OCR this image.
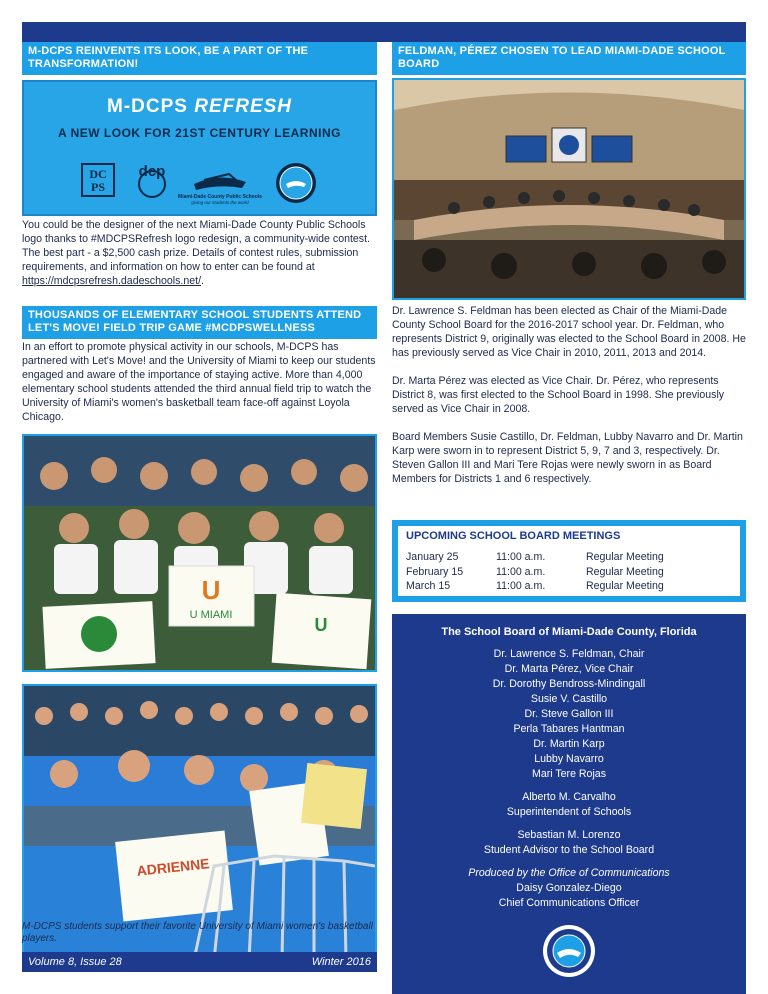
M-DCPS REINVENTS ITS LOOK, BE A PART OF THE TRANSFORMATION!
M-DCPS REFRESH
A NEW LOOK FOR 21ST CENTURY LEARNING
DC
PS
dcp
Miami-Dade County Public Schools
giving our students the world
You could be the designer of the next Miami-Dade County Public Schools logo thanks to #MDCPSRefresh logo redesign, a community-wide contest. The best part - a $2,500 cash prize. Details of contest rules, submission requirements, and information on how to enter can be found at https://mdcpsrefresh.dadeschools.net/.
THOUSANDS OF ELEMENTARY SCHOOL STUDENTS ATTEND LET'S MOVE! FIELD TRIP GAME #MCDPSWELLNESS
In an effort to promote physical activity in our schools, M-DCPS has partnered with Let's Move! and the University of Miami to keep our students engaged and aware of the importance of staying active. More than 4,000 elementary school students attended the third annual field trip to watch the University of Miami's women's basketball team face-off against Loyola Chicago.
U
U MIAMI	U
ADRIENNE
M-DCPS students support their favorite University of Miami women's basketball players.
FELDMAN, PÉREZ CHOSEN TO LEAD MIAMI-DADE SCHOOL BOARD

Dr. Lawrence S. Feldman has been elected as Chair of the Miami-Dade County School Board for the 2016-2017 school year. Dr. Feldman, who represents District 9, originally was elected to the School Board in 2008. He has previously served as Vice Chair in 2010, 2011, 2013 and 2014.

Dr. Marta Pérez was elected as Vice Chair. Dr. Pérez, who represents District 8, was first elected to the School Board in 1998. She previously served as Vice Chair in 2008.

Board Members Susie Castillo, Dr. Feldman, Lubby Navarro and Dr. Martin Karp were sworn in to represent District 5, 9, 7 and 3, respectively. Dr. Steven Gallon III and Mari Tere Rojas were newly sworn in as Board Members for Districts 1 and 6 respectively.

UPCOMING SCHOOL BOARD MEETINGS
January 25	11:00 a.m.	Regular Meeting
February 15	11:00 a.m.	Regular Meeting
March 15	11:00 a.m.	Regular Meeting
The School Board of Miami-Dade County, Florida
Dr. Lawrence S. Feldman, Chair
Dr. Marta Pérez, Vice Chair
Dr. Dorothy Bendross-Mindingall
Susie V. Castillo
Dr. Steve Gallon III
Perla Tabares Hantman
Dr. Martin Karp
Lubby Navarro
Mari Tere Rojas
Alberto M. Carvalho
Superintendent of Schools
Sebastian M. Lorenzo
Student Advisor to the School Board
Produced by the Office of Communications
Daisy Gonzalez-Diego
Chief Communications Officer
Volume 8, Issue 28	Winter 2016
